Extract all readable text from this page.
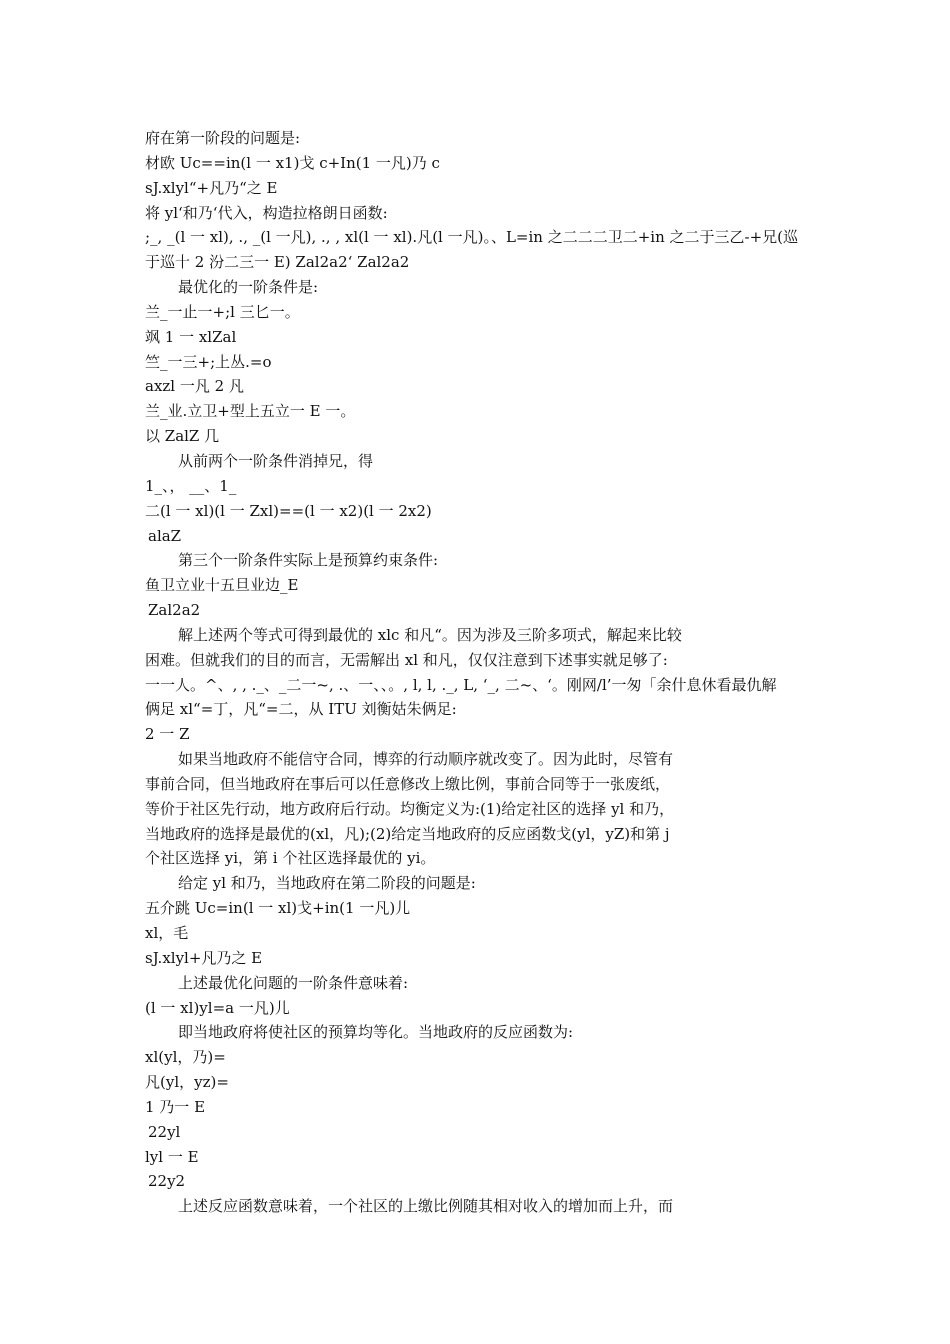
府在第一阶段的问题是:
材欧 Uc==in(l 一 x1)戈 c+In(1 一凡)乃 c
sJ.xlyl“+凡乃“之 E
将 yl‘和乃‘代入，构造拉格朗日函数:
;_, _(l 一 xl), ., _(l 一凡), ., , xl(l 一 xl).凡(l 一凡)。、L=in 之二二二卫二+in 之二于三乙-+兄(巡
于巡十 2 汾二三一 E) Zal2a2‘ Zal2a2
最优化的一阶条件是:
兰_一止一+;l 三匕一。
飒 1 一 xlZal
竺_一三+;上丛.=o
axzl 一凡 2 凡
兰_业.立卫+型上五立一 E 一。
以 ZalZ 几
从前两个一阶条件消掉兄，得
1_、， __、1_
二(l 一 xl)(l 一 Zxl)==(l 一 x2)(l 一 2x2)
alaZ
第三个一阶条件实际上是预算约束条件:
鱼卫立业十五旦业边_E
Zal2a2
解上述两个等式可得到最优的 xlc 和凡“。因为涉及三阶多项式，解起来比较
困难。但就我们的目的而言，无需解出 xl 和凡，仅仅注意到下述事实就足够了:
一一人。^、, , ._、_二一~, .、一、、。, l, l, ._, L, ‘_, 二~、‘。刚网/l’一匆「余什息休看最仇解
俩足 xl“=丁，凡“=二，从 ITU 刘衡姑朱俩足:
2 一 Z
如果当地政府不能信守合同，博弈的行动顺序就改变了。因为此时，尽管有
事前合同，但当地政府在事后可以任意修改上缴比例，事前合同等于一张废纸，
等价于社区先行动，地方政府后行动。均衡定义为:(1)给定社区的选择 yl 和乃，
当地政府的选择是最优的(xl，凡);(2)给定当地政府的反应函数戈(yl，yZ)和第 j
个社区选择 yi，第 i 个社区选择最优的 yi。
给定 yl 和乃，当地政府在第二阶段的问题是:
五介跳 Uc=in(l 一 xl)戈+in(1 一凡)儿
xl，毛
sJ.xlyl+凡乃之 E
上述最优化问题的一阶条件意味着:
(l 一 xl)yl=a 一凡)儿
即当地政府将使社区的预算均等化。当地政府的反应函数为:
xl(yl，乃)=
凡(yl，yz)=
1 乃一 E
22yl
lyl 一 E
22y2
上述反应函数意味着，一个社区的上缴比例随其相对收入的增加而上升，而
